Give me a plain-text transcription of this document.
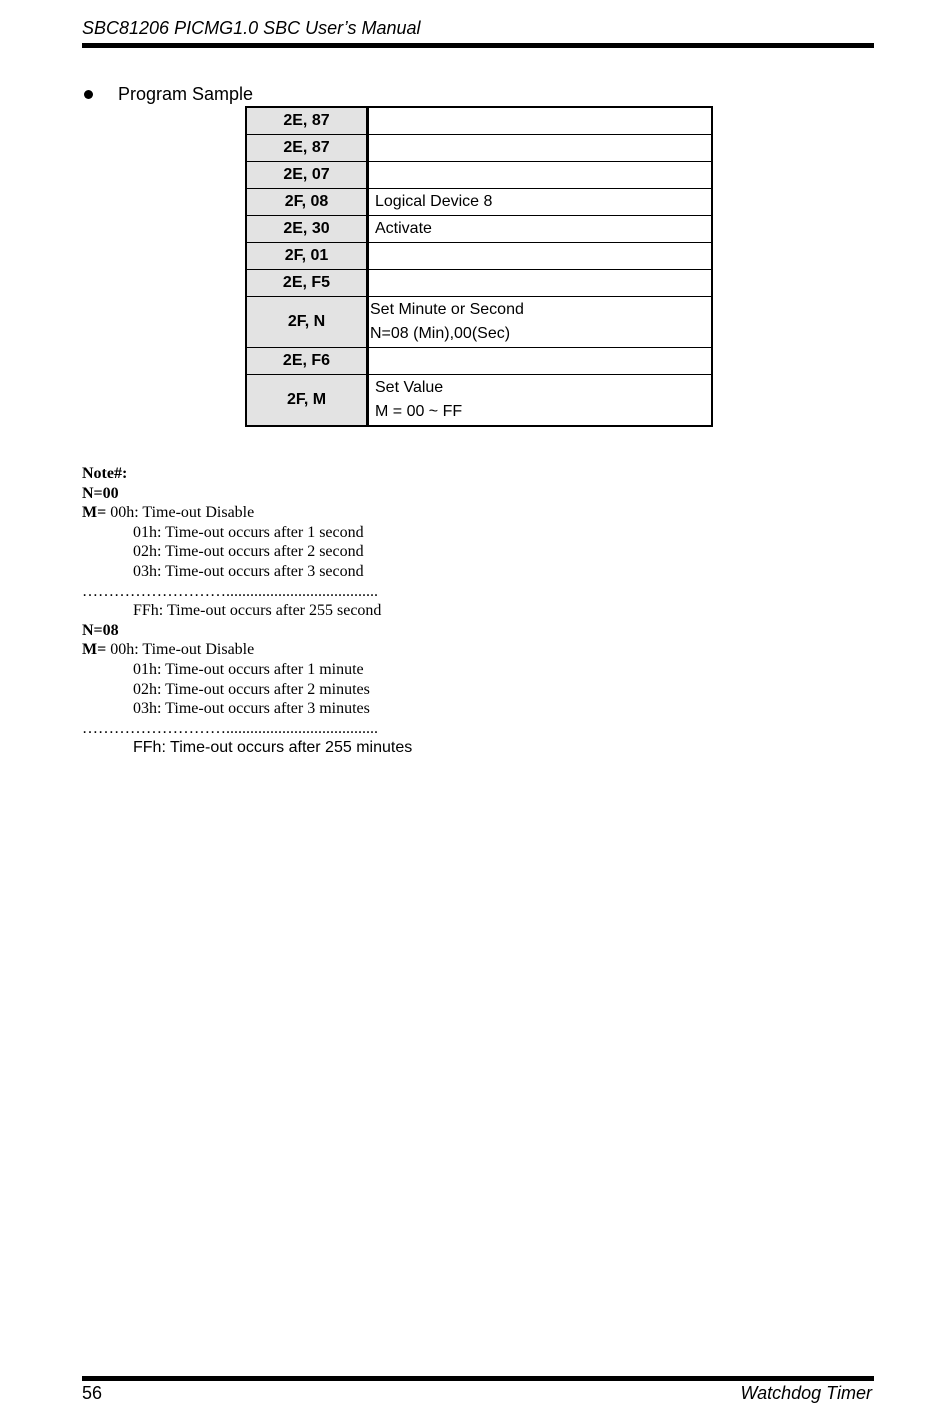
SBC81206 PICMG1.0 SBC User’s Manual
Program Sample
2E, 87	
2E, 87	
2E, 07	
2F, 08	Logical Device 8
2E, 30	Activate
2F, 01	
2E, F5	
2F, N	Set Minute or Second
N=08 (Min),00(Sec)

2E, F6	
2F, M	Set Value
M = 00 ~ FF
Note#:
N=00
M= 00h: Time-out Disable
01h: Time-out occurs after 1 second
02h: Time-out occurs after 2 second
03h: Time-out occurs after 3 second
………………………......................................
FFh: Time-out occurs after 255 second
N=08
M= 00h: Time-out Disable
01h: Time-out occurs after 1 minute
02h: Time-out occurs after 2 minutes
03h: Time-out occurs after 3 minutes
………………………......................................
FFh: Time-out occurs after 255 minutes
56	Watchdog Timer
